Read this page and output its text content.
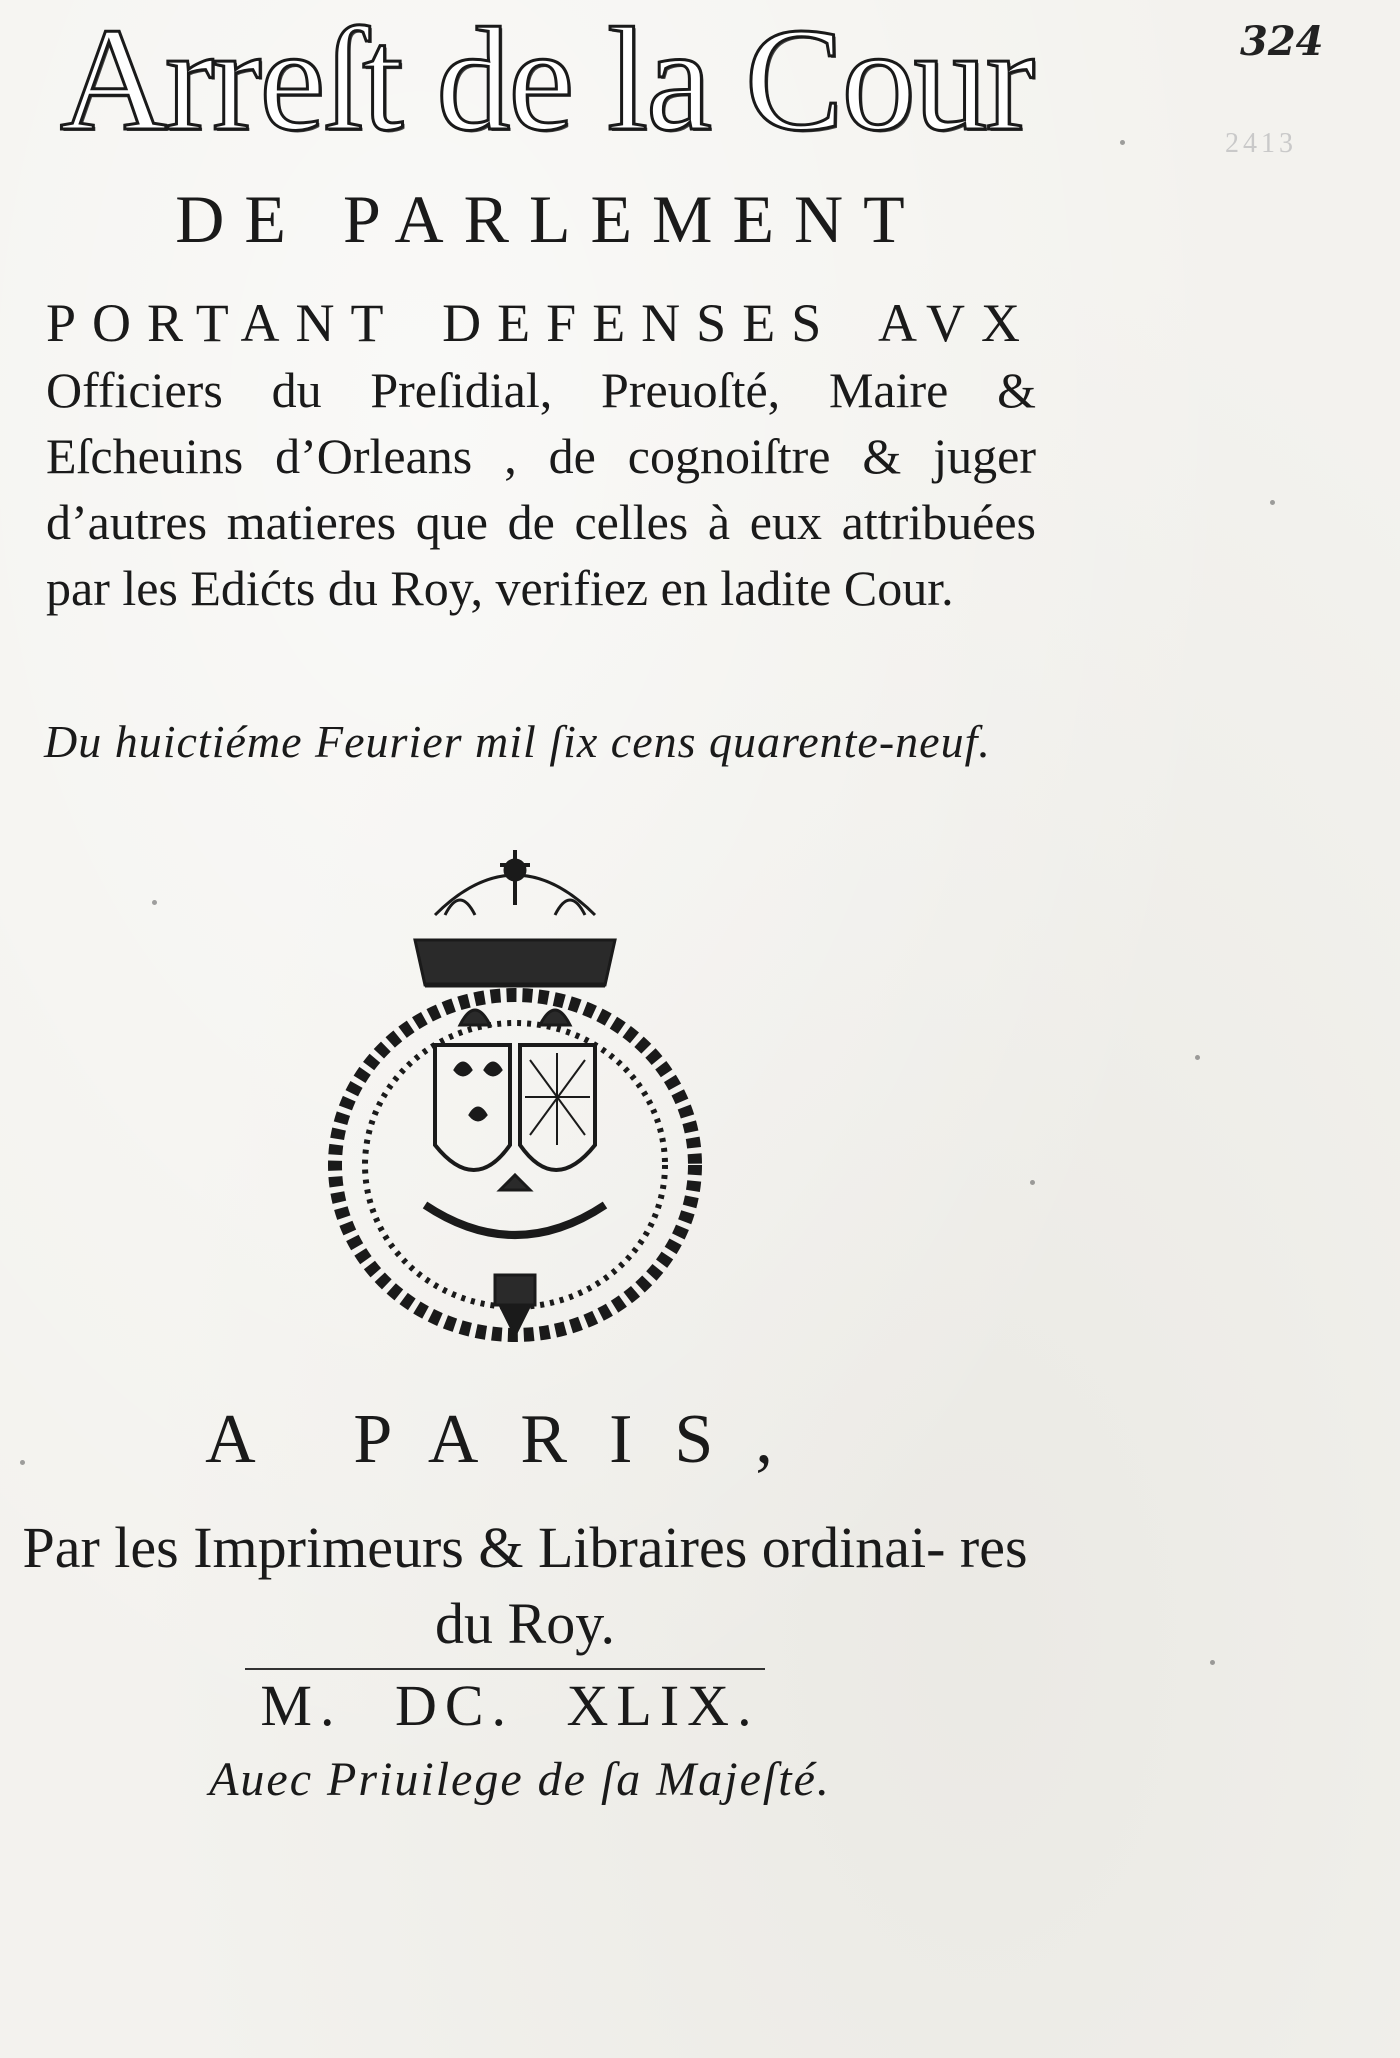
324
2413
Arreſt de la Cour
DE PARLEMENT
PORTANT DEFENSES AVX Officiers du Preſidial, Preuoſté, Maire & Eſcheuins d’Orleans , de cognoiſtre & juger d’autres matieres que de celles à eux attribuées par les Edićts du Roy, verifiez en ladite Cour.
Du huictiéme Feurier mil ſix cens quarente-neuf.
A PARIS,
Par les Imprimeurs & Libraires ordinai- res du Roy.
M. DC. XLIX.
Auec Priuilege de ſa Majeſté.
